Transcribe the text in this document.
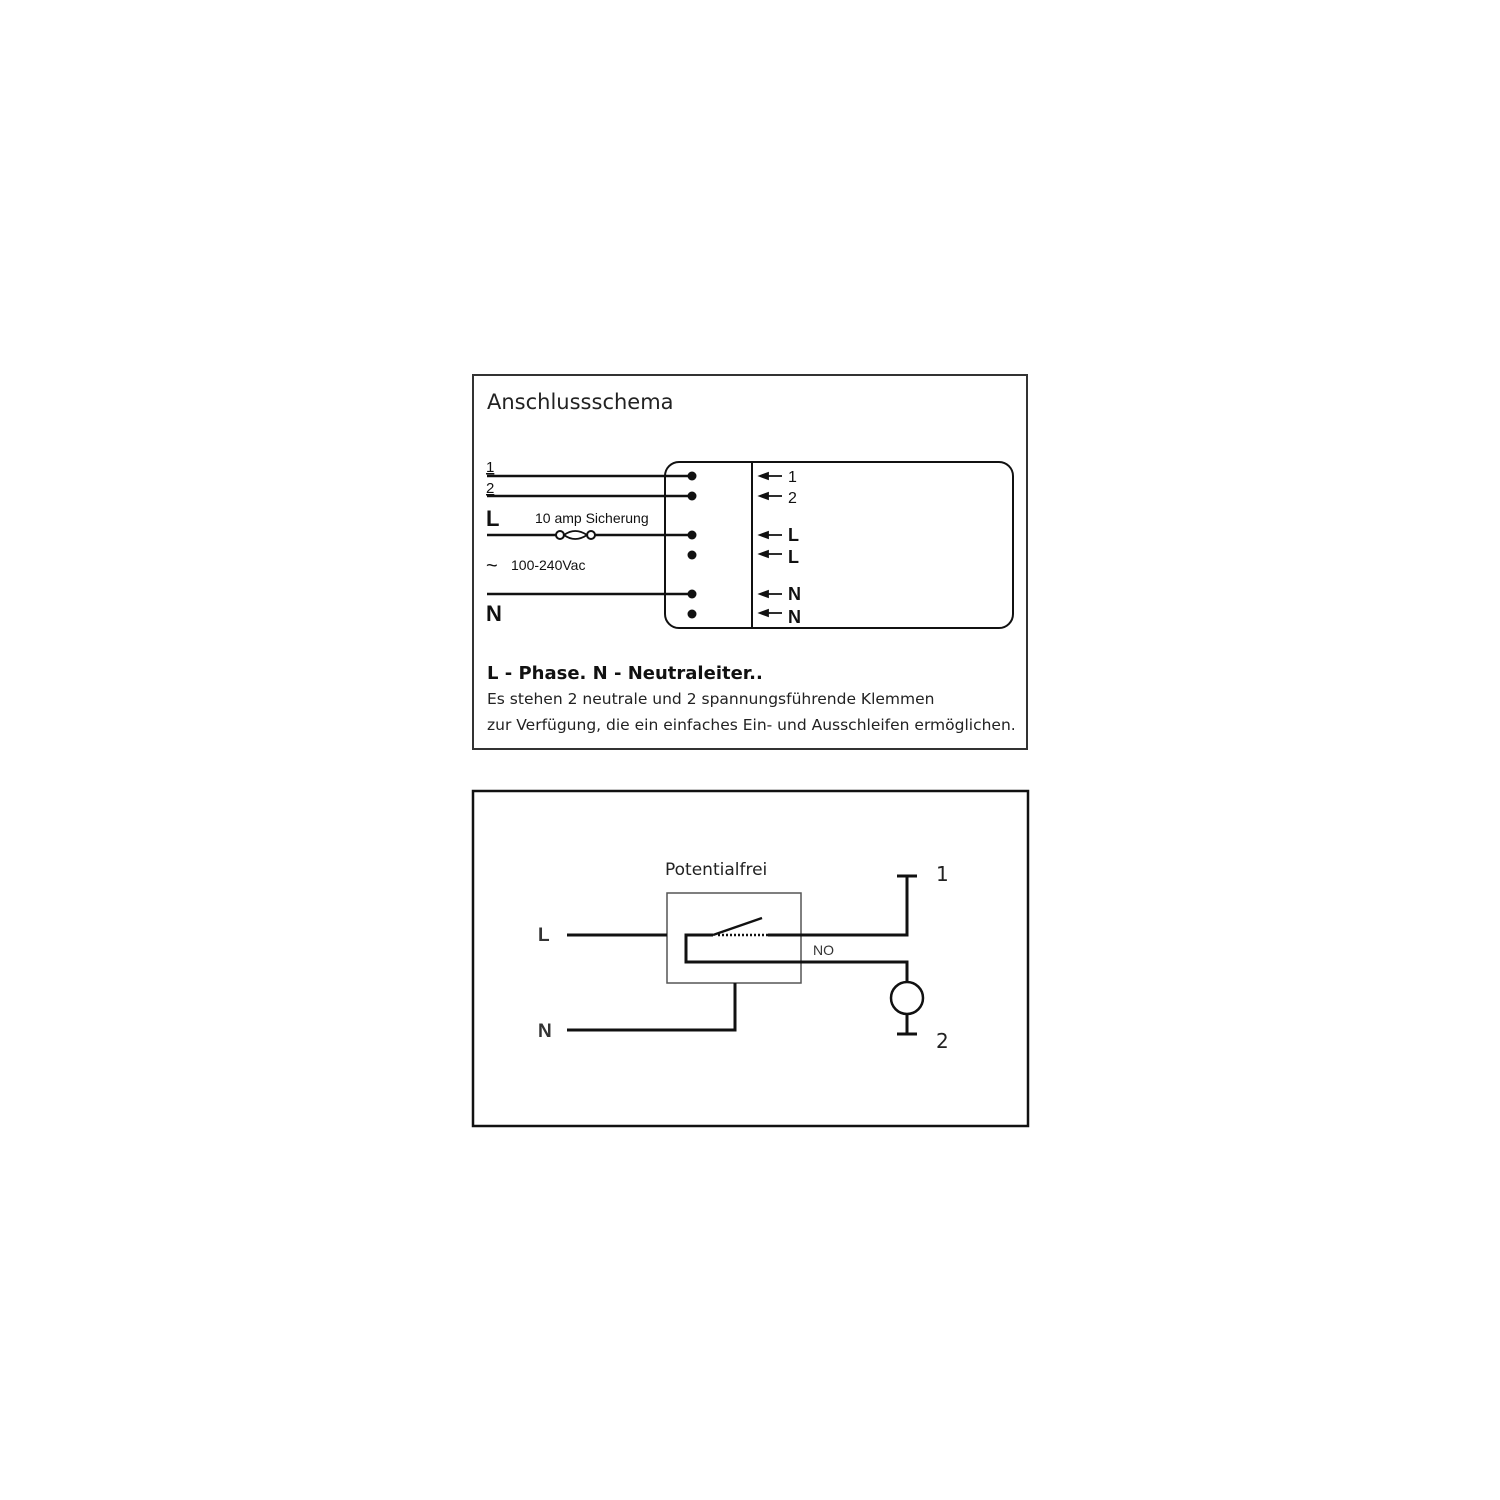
Anschlussschema
1
2
L
N
10 amp Sicherung
~ 100-240Vac
1
2
L
L
N
N
L - Phase. N - Neutraleiter..
Es stehen 2 neutrale und 2 spannungsführende Klemmen
zur Verfügung, die ein einfaches Ein- und Ausschleifen ermöglichen.
Potentialfrei
L
N
NO
1
2
